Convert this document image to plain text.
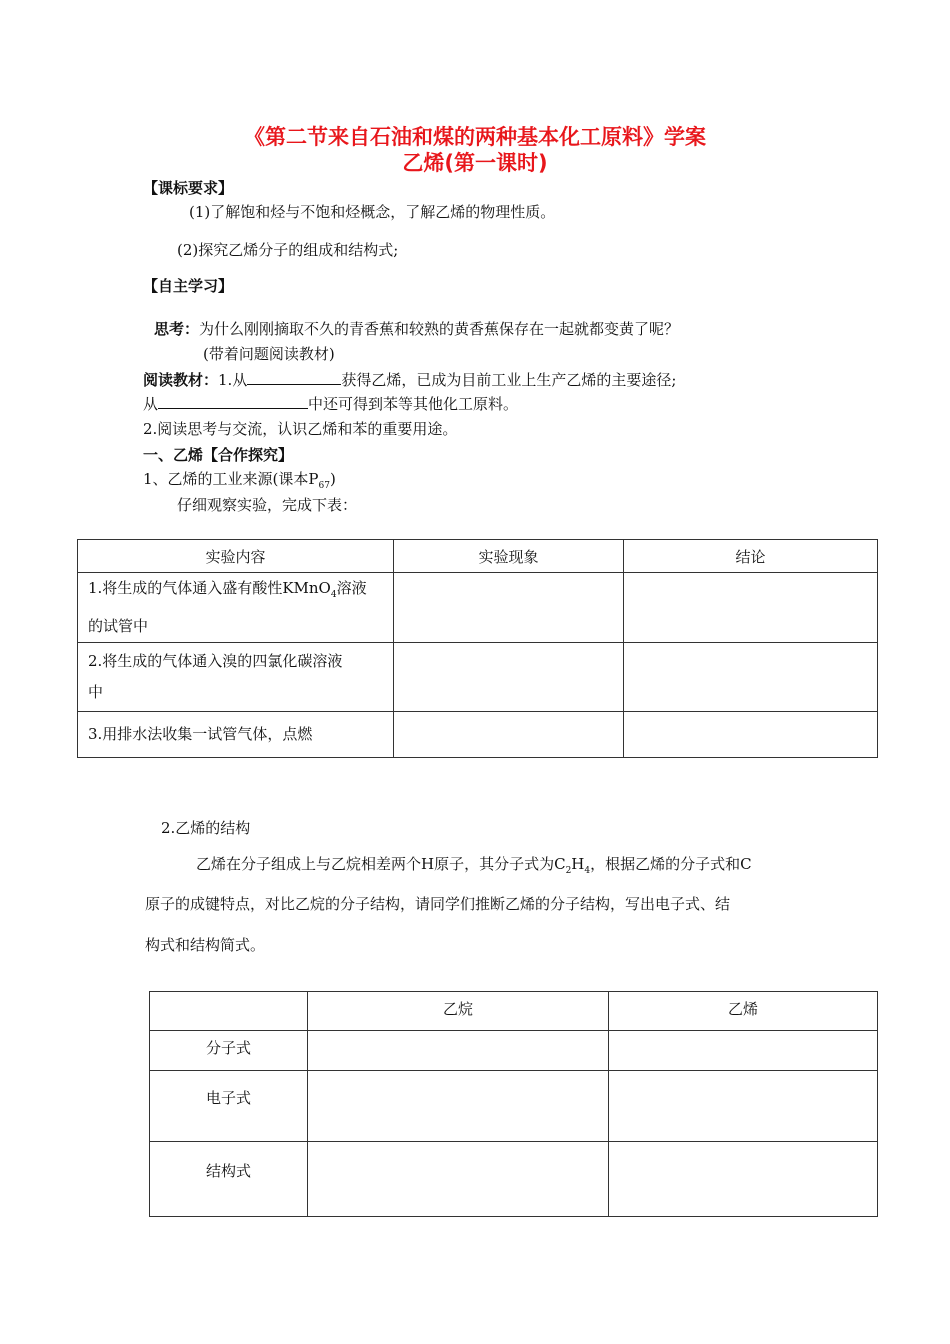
《第二节来自石油和煤的两种基本化工原料》学案
乙烯(第一课时)
【课标要求】
(1)了解饱和烃与不饱和烃概念，了解乙烯的物理性质。
(2)探究乙烯分子的组成和结构式;
【自主学习】
思考：为什么刚刚摘取不久的青香蕉和较熟的黄香蕉保存在一起就都变黄了呢？
(带着问题阅读教材)
阅读教材：1.从	获得乙烯，已成为目前工业上生产乙烯的主要途径;
从	中还可得到苯等其他化工原料。
2.阅读思考与交流，认识乙烯和苯的重要用途。
一、乙烯【合作探究】
1、乙烯的工业来源(课本$P_{67}$)
仔细观察实验，完成下表：
实验内容	实验现象	结论
1.将生成的气体通入盛有酸性KMnO$_4$溶液
的试管中		
2.将生成的气体通入溴的四氯化碳溶液
中		
3.用排水法收集一试管气体，点燃		
2.乙烯的结构
乙烯在分子组成上与乙烷相差两个H原子，其分子式为$C_2H_4$，根据乙烯的分子式和C
原子的成键特点，对比乙烷的分子结构，请同学们推断乙烯的分子结构，写出电子式、结
构式和结构简式。
	乙烷	乙烯
分子式		
电子式		
结构式		
